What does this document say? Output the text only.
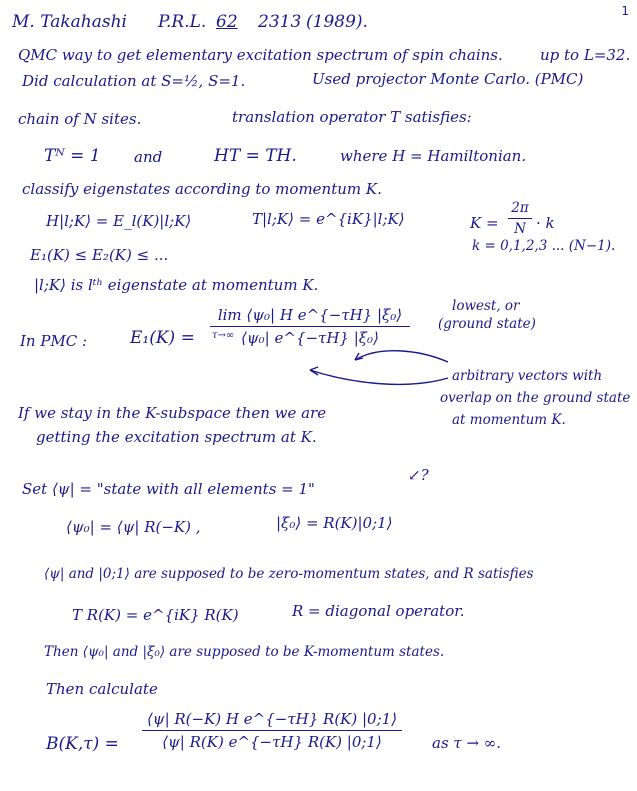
1
M. Takahashi P.R.L. 62 2313 (1989).
QMC way to get elementary excitation spectrum of spin chains. up to L=32.
Did calculation at S=½, S=1.	Used projector Monte Carlo. (PMC)
chain of N sites.	translation operator T satisfies:
Tᴺ = 1 and	HT = TH.	where H = Hamiltonian.
classify eigenstates according to momentum K.
H|l;K⟩ = E_l(K)|l;K⟩	T|l;K⟩ = e^{iK}|l;K⟩	K =
2π
N · k
E₁(K) ≤ E₂(K) ≤ ...	k = 0,1,2,3 ... (N−1).
|l;K⟩ is lᵗʰ eigenstate at momentum K.
In PMC :	E₁(K) =
lim ⟨ψ₀| H e^{−τH} |ξ₀⟩
⟨ψ₀| e^{−τH} |ξ₀⟩
τ→∞
lowest, or
(ground state)
arbitrary vectors with
overlap on the ground state
at momentum K.
If we stay in the K-subspace then we are
getting the excitation spectrum at K.
Set ⟨ψ| = "state with all elements = 1"
↙?
⟨ψ₀| = ⟨ψ| R(−K) ,	|ξ₀⟩ = R(K)|0;1⟩
⟨ψ| and |0;1⟩ are supposed to be zero-momentum states, and R satisfies
T R(K) = e^{iK} R(K)	R = diagonal operator.
Then ⟨ψ₀| and |ξ₀⟩ are supposed to be K-momentum states.
Then calculate
B(K,τ) =
⟨ψ| R(−K) H e^{−τH} R(K) |0;1⟩
⟨ψ| R(K) e^{−τH} R(K) |0;1⟩	as τ → ∞.
